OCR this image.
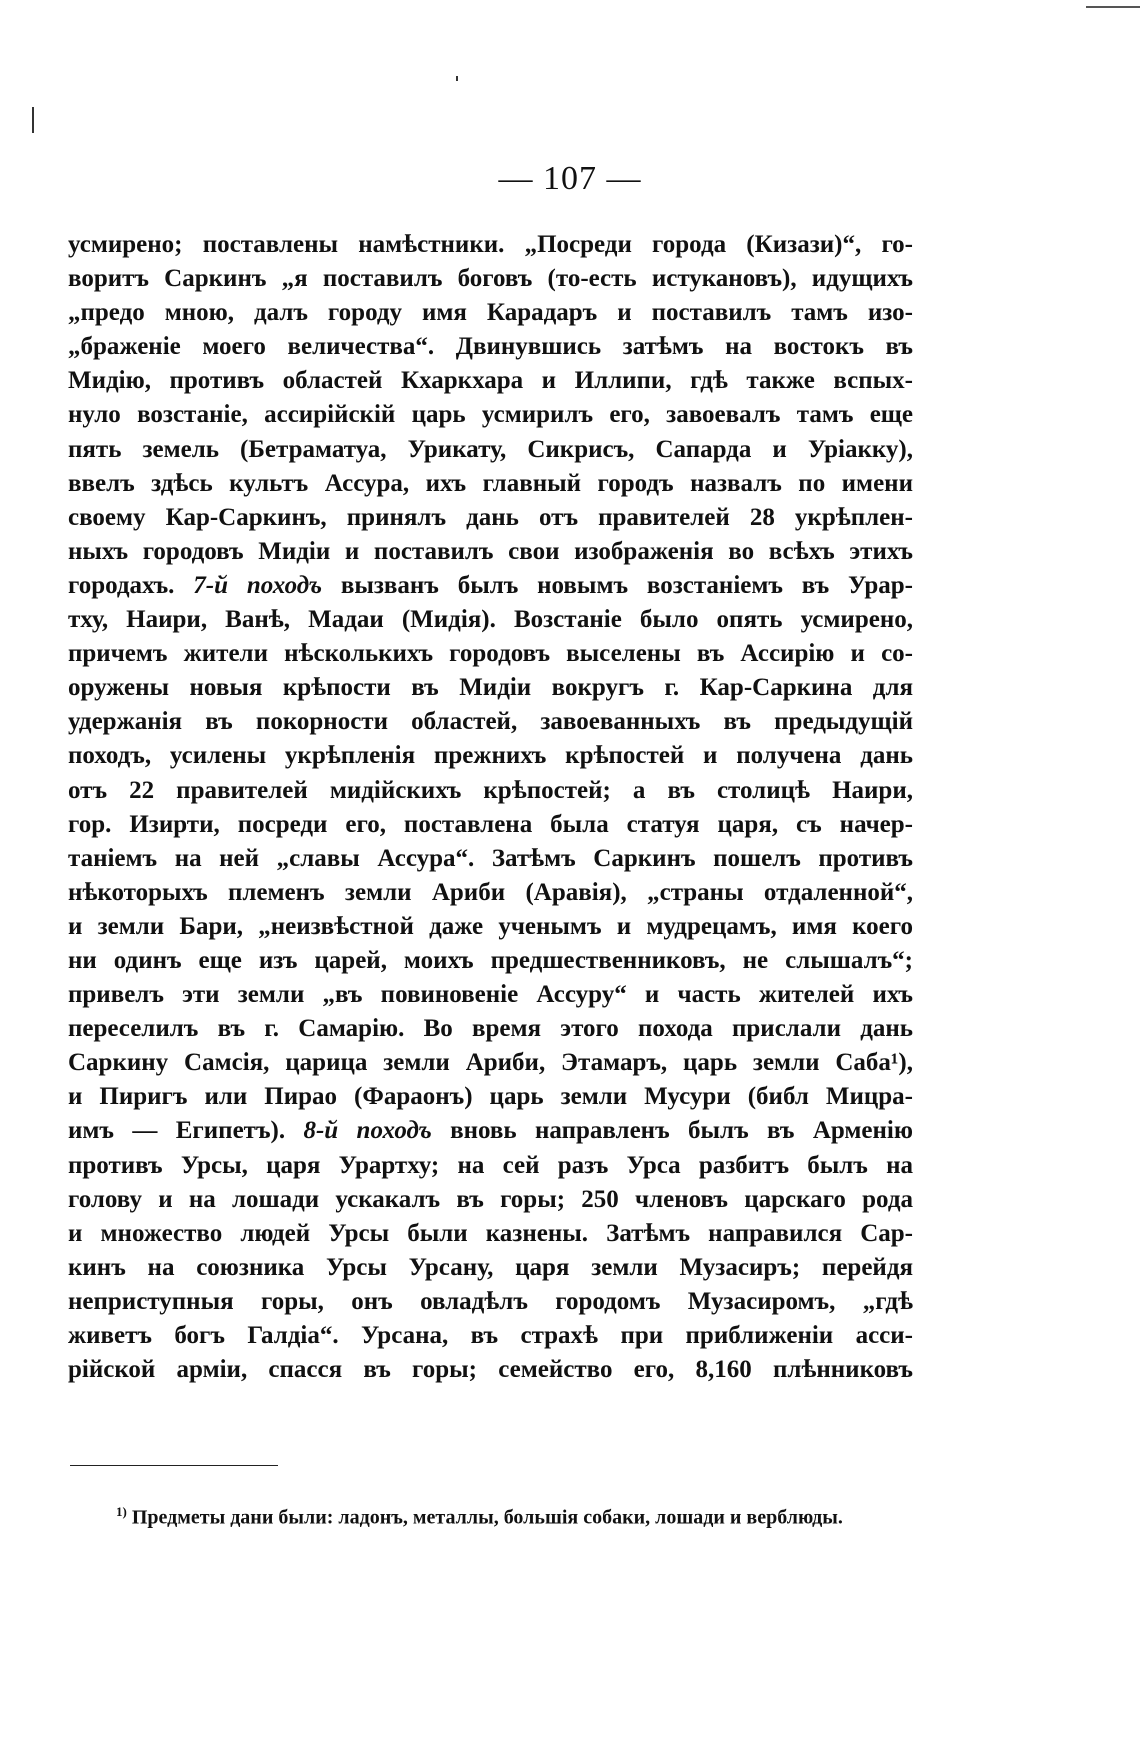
— 107 —
усмирено; поставлены намѣстники. „Посреди города (Кизази)“, го-
воритъ Саркинъ „я поставилъ боговъ (то-есть истукановъ), идущихъ
„предо мною, далъ городу имя Карадаръ и поставилъ тамъ изо-
„браженіе моего величества“. Двинувшись затѣмъ на востокъ въ
Мидію, противъ областей Кхаркхара и Иллипи, гдѣ также вспых-
нуло возстаніе, ассирійскій царь усмирилъ его, завоевалъ тамъ еще
пять земель (Бетраматуа, Урикату, Сикрисъ, Сапарда и Уріакку),
ввелъ здѣсь культъ Ассура, ихъ главный городъ назвалъ по имени
своему Кар-Саркинъ, принялъ дань отъ правителей 28 укрѣплен-
ныхъ городовъ Мидіи и поставилъ свои изображенія во всѣхъ этихъ
городахъ. 7-й походъ вызванъ былъ новымъ возстаніемъ въ Урар-
тху, Наири, Ванѣ, Мадаи (Мидія). Возстаніе было опять усмирено,
причемъ жители нѣсколькихъ городовъ выселены въ Ассирію и со-
оружены новыя крѣпости въ Мидіи вокругъ г. Кар-Саркина для
удержанія въ покорности областей, завоеванныхъ въ предыдущій
походъ, усилены укрѣпленія прежнихъ крѣпостей и получена дань
отъ 22 правителей мидійскихъ крѣпостей; а въ столицѣ Наири,
гор. Изирти, посреди его, поставлена была статуя царя, съ начер-
таніемъ на ней „славы Ассура“. Затѣмъ Саркинъ пошелъ противъ
нѣкоторыхъ племенъ земли Ариби (Аравія), „страны отдаленной“,
и земли Бари, „неизвѣстной даже ученымъ и мудрецамъ, имя коего
ни одинъ еще изъ царей, моихъ предшественниковъ, не слышалъ“;
привелъ эти земли „въ повиновеніе Ассуру“ и часть жителей ихъ
переселилъ въ г. Самарію. Во время этого похода прислали дань
Саркину Самсія, царица земли Ариби, Этамаръ, царь земли Саба¹),
и Пиригъ или Пирао (Фараонъ) царь земли Мусури (библ Мицра-
имъ — Египетъ). 8-й походъ вновь направленъ былъ въ Арменію
противъ Урсы, царя Урартху; на сей разъ Урса разбитъ былъ на
голову и на лошади ускакалъ въ горы; 250 членовъ царскаго рода
и множество людей Урсы были казнены. Затѣмъ направился Сар-
кинъ на союзника Урсы Урсану, царя земли Музасиръ; перейдя
неприступныя горы, онъ овладѣлъ городомъ Музасиромъ, „гдѣ
живетъ богъ Галдіа“. Урсана, въ страхѣ при приближеніи асси-
рійской арміи, спасся въ горы; семейство его, 8,160 плѣнниковъ

$^{1)}$ Предметы дани были: ладонъ, металлы, большія собаки, лошади и верблюды.
